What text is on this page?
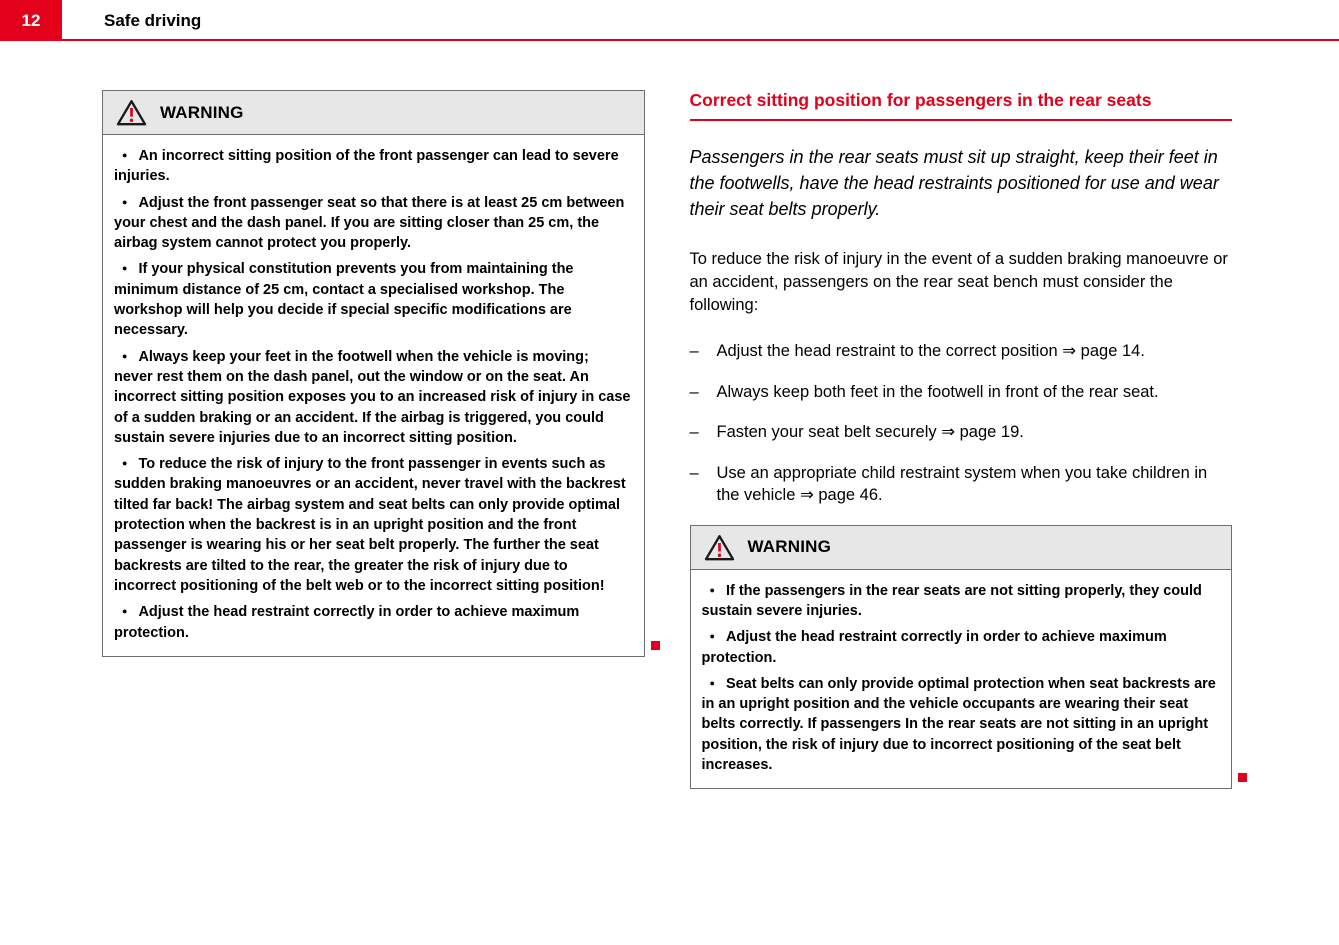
12	Safe driving
WARNING

● An incorrect sitting position of the front passenger can lead to severe injuries.

● Adjust the front passenger seat so that there is at least 25 cm between your chest and the dash panel. If you are sitting closer than 25 cm, the airbag system cannot protect you properly.

● If your physical constitution prevents you from maintaining the minimum distance of 25 cm, contact a specialised workshop. The workshop will help you decide if special specific modifications are necessary.

● Always keep your feet in the footwell when the vehicle is moving; never rest them on the dash panel, out the window or on the seat. An incorrect sitting position exposes you to an increased risk of injury in case of a sudden braking or an accident. If the airbag is triggered, you could sustain severe injuries due to an incorrect sitting position.

● To reduce the risk of injury to the front passenger in events such as sudden braking manoeuvres or an accident, never travel with the backrest tilted far back! The airbag system and seat belts can only provide optimal protection when the backrest is in an upright position and the front passenger is wearing his or her seat belt properly. The further the seat backrests are tilted to the rear, the greater the risk of injury due to incorrect positioning of the belt web or to the incorrect sitting position!

● Adjust the head restraint correctly in order to achieve maximum protection.

Correct sitting position for passengers in the rear seats

Passengers in the rear seats must sit up straight, keep their feet in the footwells, have the head restraints positioned for use and wear their seat belts properly.

To reduce the risk of injury in the event of a sudden braking manoeuvre or an accident, passengers on the rear seat bench must consider the following:

– Adjust the head restraint to the correct position ⇒ page 14.

– Always keep both feet in the footwell in front of the rear seat.

– Fasten your seat belt securely ⇒ page 19.

– Use an appropriate child restraint system when you take children in the vehicle ⇒ page 46.

WARNING

● If the passengers in the rear seats are not sitting properly, they could sustain severe injuries.

● Adjust the head restraint correctly in order to achieve maximum protection.

● Seat belts can only provide optimal protection when seat backrests are in an upright position and the vehicle occupants are wearing their seat belts correctly. If passengers In the rear seats are not sitting in an upright position, the risk of injury due to incorrect positioning of the seat belt increases.
